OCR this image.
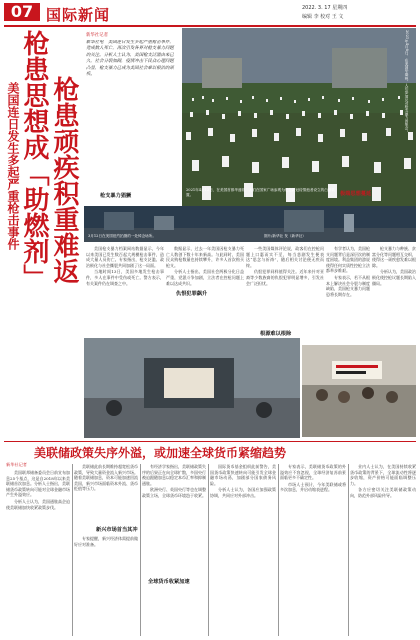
07 国际新闻	2022. 3. 17 星期四
编辑 李 校对 王 文
美国连日发生多起严重枪击事件 枪患思想成「助燃剂」 枪患顽疾积重难返
新华社记者
新华社电　美国连日发生多起严重枪击事件，造成数人死亡，再次引发各界对枪支暴力问题的关注。分析人士认为，美国枪支泛滥由来已久，社会分裂加剧，疫情冲击下民众心理问题凸显，枪支暴力已成为美国社会难以根治的顽疾。
2021年4月12日，在美国首都华盛顿，人们在国家广场参观为纪念新冠疫情逝者设立的白旗装置。
2021年4月8日，在美国华盛顿，人们参加反对枪支暴力的集会。
3月12日在美国纽约拍摄的一处悼念场所。	图片/新华社 发（新华社）
枪支暴力猖獗

美国枪支暴力档案网站数据显示，今年以来美国已发生数百起大规模枪击事件，造成大量人员伤亡。专家指出，枪支泛滥、政治极化与社会撕裂共同加剧了这一局面。

当地时间13日，美国多地发生枪击事件，多人在事件中受伤或死亡。警方表示，有关案件仍在调查之中。

数据显示，过去一年美国因枪支暴力死亡人数创下数十年来新高。与此同时，美国民众购枪数量也持续攀升，许多人首次购买枪支。

分析人士指出，美国社会两极分化日益严重，党派斗争加剧，立法者在控枪问题上难以达成共识。

仇恨犯罪飙升

一些美国媒体评论说，政客们在控枪问题上口惠而实不至，每当悲剧发生便表达“思念与祈祷”，随后相关讨论便无疾而终。

仇恨犯罪同样值得关注。近年来针对亚裔等少数族裔的仇恨犯罪明显增多，引发社会广泛担忧。

有学者认为，美国枪支问题背后是深层次的制度困境。利益集团的游说使得任何实质性控枪立法都举步维艰。

专家表示，若不从根本上解决社会分裂与制度缺陷，美国枪支暴力问题恐将长期存在。

极端思想蔓延

枪支暴力与种族、贫富分化等问题相互交织，使得这一顽疾愈发难以根除。

分析认为，美国政治极化使控枪议题长期陷入僵局。

根源难以根除
美联储政策失序外溢，或加速全球货币紧缩趋势
新华社记者

美国联邦储备委员会日前宣布加息25个基点，这是自2018年以来美联储首次加息。分析人士指出，美联储货币政策转向可能对全球金融市场产生外溢效应。

分析人士认为，美国通胀高企迫使美联储加快收紧政策步伐。

美联储此前长期维持超宽松货币政策，导致大量资金流入新兴市场。随着美联储加息，资本可能加速回流美国，新兴市场面临资本外流、货币贬值等压力。

新兴市场首当其冲

专家提醒，新兴经济体需提前做好应对准备。

有经济学家指出，美联储政策失序的后果正在向全球扩散，多国央行被迫跟随加息以稳定本币汇率和抑制通胀。

欧洲央行、英国央行等也在调整政策立场，全球货币环境趋于收紧。

全球货币收紧加速

国际货币基金组织此前警告，美国货币政策快速转向可能引发全球金融市场动荡，加剧部分国家债务风险。

分析人士认为，各国应加强政策协调，共同应对外部冲击。

专家表示，美联储货币政策的外溢效应不容忽视，全球经济复苏前景面临更多不确定性。

市场人士预计，今年美联储或将多次加息，并启动缩表进程。

业内人士认为，在美国持续收紧货币政策的背景下，全球流动性将逐步收缩，资产价格可能面临调整压力。

各方应密切关注美联储政策动向，防范外部风险传导。
